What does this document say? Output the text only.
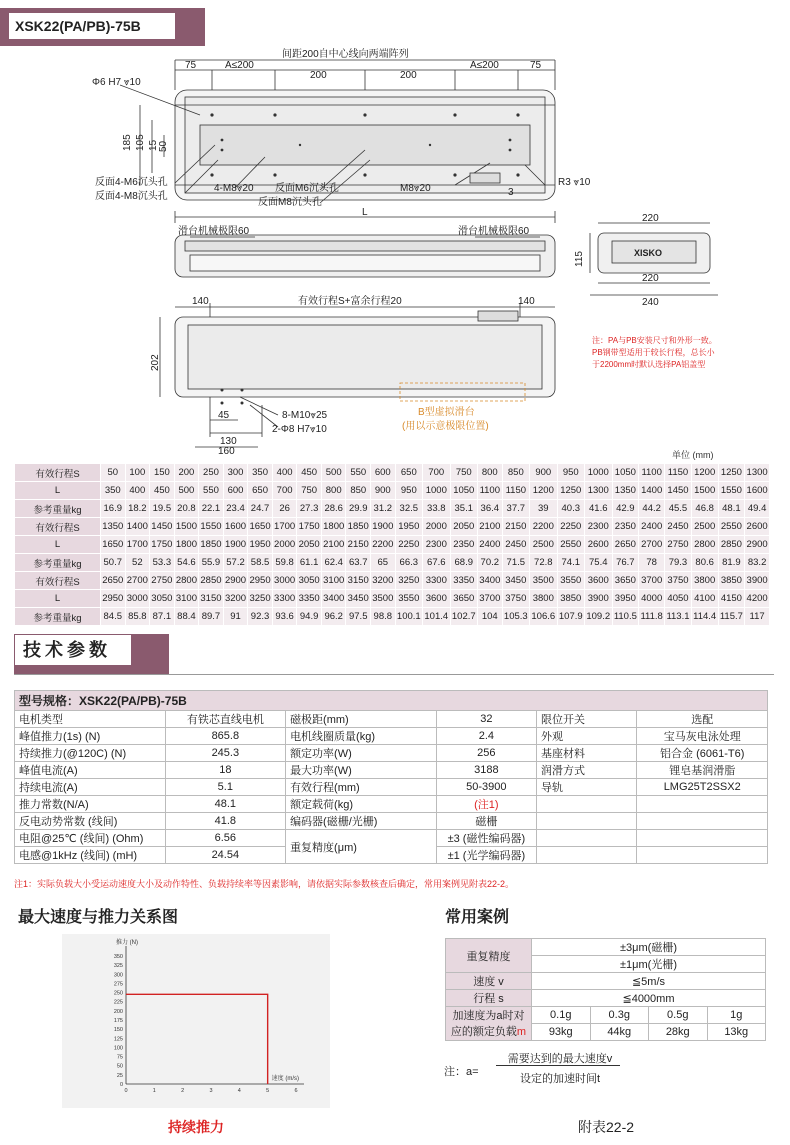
XSK22(PA/PB)-75B
间距200自中心线向两端阵列
75	A≤200
200	200
A≤200	75
Φ6 H7 ⩔10
185 105 15 50
反面4-M6沉头孔
反面4-M8沉头孔
4-M8⩔20 反面M6沉头孔
反面M8沉头孔
M8⩔20	3
R3 ⩔10
L
滑台机械极限60	滑台机械极限60
220
115	XISKO
220
240
140	有效行程S+富余行程20	140
202
8-M10⩔25
2-Φ8 H7⩔10
45
130
160
注：PA与PB安装尺寸和外形一致。
PB钢带型适用于较长行程，总长小
于2200mm时默认选择PA铝盖型
B型虚拟滑台
(用以示意极限位置)
单位 (mm)
有效行程S	50	100	150	200	250	300	350	400	450	500	550	600	650	700	750	800	850	900	950	1000	1050	1100	1150	1200	1250	1300
L	350	400	450	500	550	600	650	700	750	800	850	900	950	1000	1050	1100	1150	1200	1250	1300	1350	1400	1450	1500	1550	1600
参考重量kg	16.9	18.2	19.5	20.8	22.1	23.4	24.7	26	27.3	28.6	29.9	31.2	32.5	33.8	35.1	36.4	37.7	39	40.3	41.6	42.9	44.2	45.5	46.8	48.1	49.4
有效行程S	1350	1400	1450	1500	1550	1600	1650	1700	1750	1800	1850	1900	1950	2000	2050	2100	2150	2200	2250	2300	2350	2400	2450	2500	2550	2600
L	1650	1700	1750	1800	1850	1900	1950	2000	2050	2100	2150	2200	2250	2300	2350	2400	2450	2500	2550	2600	2650	2700	2750	2800	2850	2900
参考重量kg	50.7	52	53.3	54.6	55.9	57.2	58.5	59.8	61.1	62.4	63.7	65	66.3	67.6	68.9	70.2	71.5	72.8	74.1	75.4	76.7	78	79.3	80.6	81.9	83.2
有效行程S	2650	2700	2750	2800	2850	2900	2950	3000	3050	3100	3150	3200	3250	3300	3350	3400	3450	3500	3550	3600	3650	3700	3750	3800	3850	3900
L	2950	3000	3050	3100	3150	3200	3250	3300	3350	3400	3450	3500	3550	3600	3650	3700	3750	3800	3850	3900	3950	4000	4050	4100	4150	4200
参考重量kg	84.5	85.8	87.1	88.4	89.7	91	92.3	93.6	94.9	96.2	97.5	98.8	100.1	101.4	102.7	104	105.3	106.6	107.9	109.2	110.5	111.8	113.1	114.4	115.7	117
技术参数
型号规格：XSK22(PA/PB)-75B					
电机类型	有铁芯直线电机	磁极距(mm)	32	限位开关	选配
峰值推力(1s) (N)	865.8	电机线圈质量(kg)	2.4	外观	宝马灰电泳处理
持续推力(@120C) (N)	245.3	额定功率(W)	256	基座材料	铝合金 (6061-T6)
峰值电流(A)	18	最大功率(W)	3188	润滑方式	锂皂基润滑脂
持续电流(A)	5.1	有效行程(mm)	50-3900	导轨	LMG25T2SSX2
推力常数(N/A)	48.1	额定载荷(kg)	(注1)		
反电动势常数 (线间)	41.8	编码器(磁栅/光栅)	磁栅		
电阻@25℃ (线间) (Ohm)	6.56	重复精度(μm)	±3 (磁性编码器)		
电感@1kHz (线间) (mH)	24.54		±1 (光学编码器)		
注1：实际负载大小受运动速度大小及动作特性、负载持续率等因素影响，请依据实际参数核查后确定，常用案例见附表22-2。
最大速度与推力关系图	常用案例
0
25
50
75
100
125
150
175
200
225
250
275
300
325
350
0	1	2	3	4	5	6
推力 (N)
速度 (m/s)
持续推力
重复精度	±3μm(磁栅)			
	±1μm(光栅)			
速度 v	≦5m/s			
行程 s	≦4000mm			
加速度为a时对
应的额定负载m	0.1g	0.3g	0.5g	1g
	93kg	44kg	28kg	13kg
注：a=
需要达到的最大速度v
设定的加速时间t
附表22-2
